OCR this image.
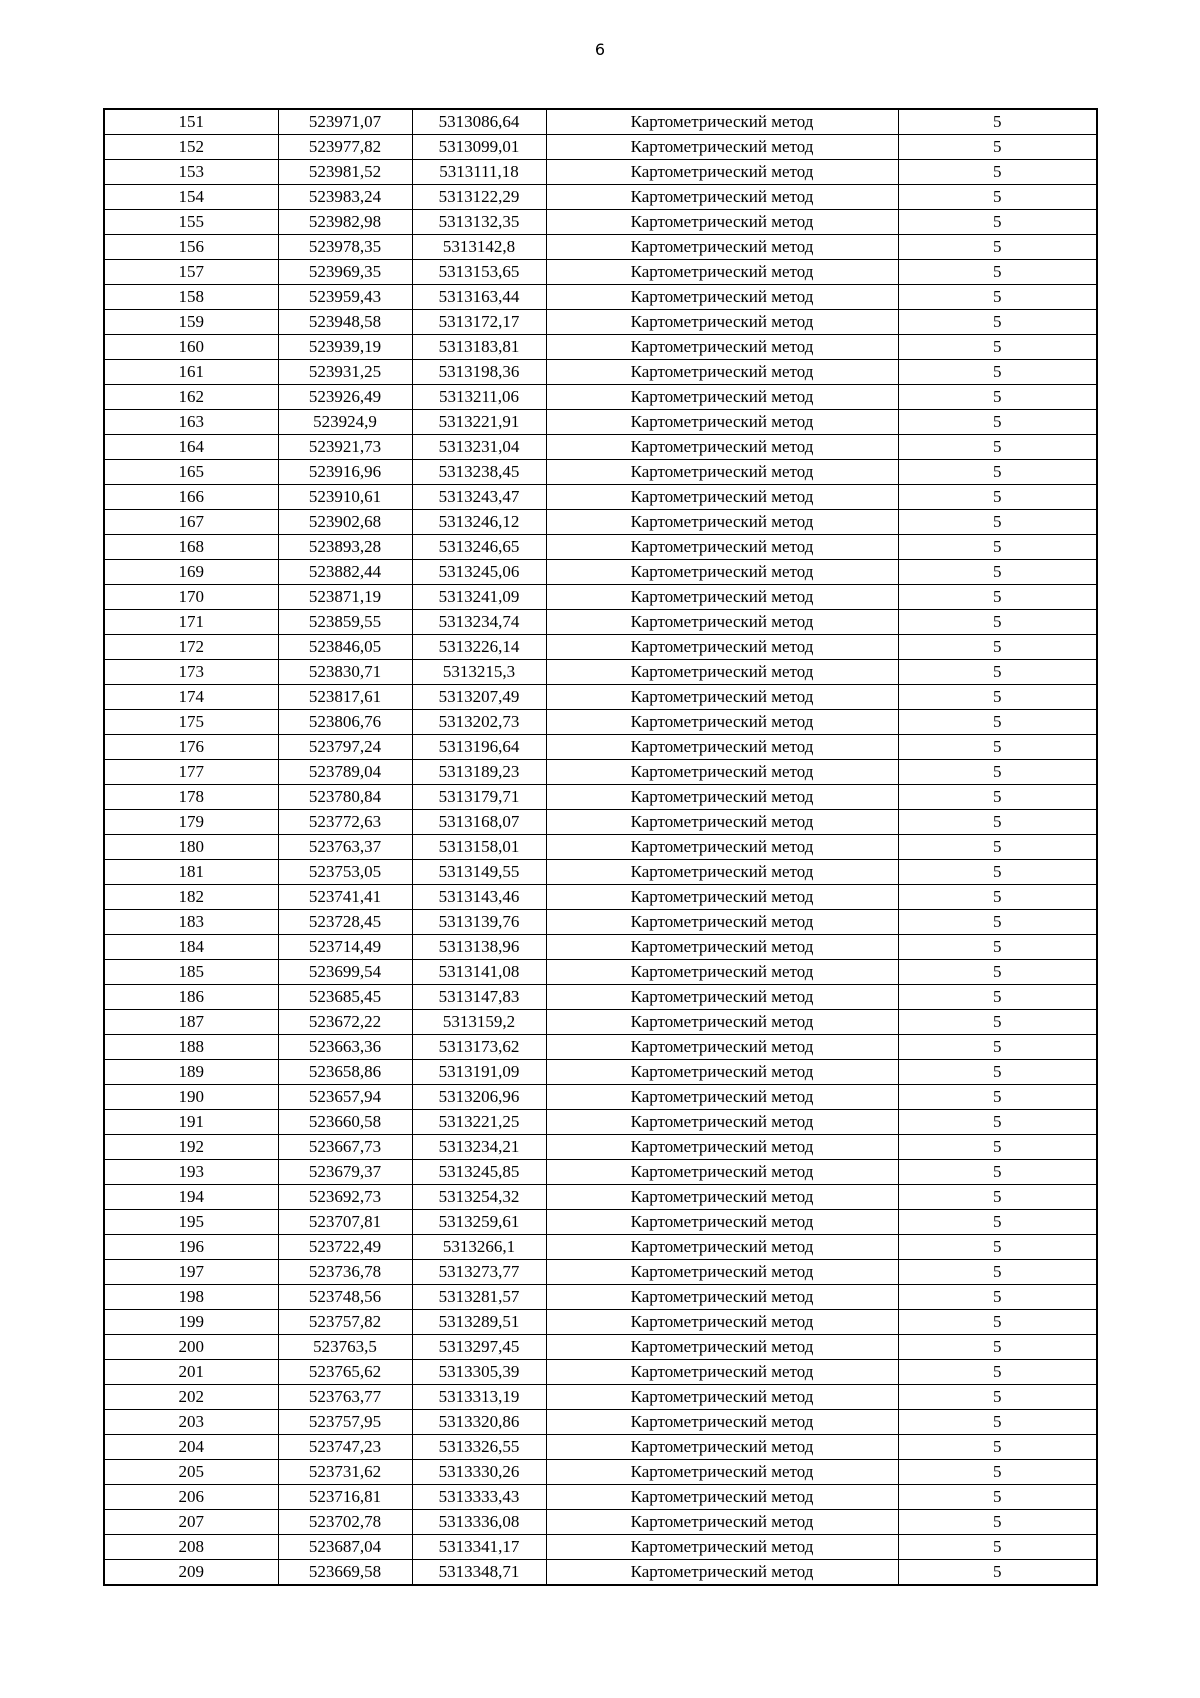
6
151	523971,07	5313086,64	Картометрический метод	5
152	523977,82	5313099,01	Картометрический метод	5
153	523981,52	5313111,18	Картометрический метод	5
154	523983,24	5313122,29	Картометрический метод	5
155	523982,98	5313132,35	Картометрический метод	5
156	523978,35	5313142,8	Картометрический метод	5
157	523969,35	5313153,65	Картометрический метод	5
158	523959,43	5313163,44	Картометрический метод	5
159	523948,58	5313172,17	Картометрический метод	5
160	523939,19	5313183,81	Картометрический метод	5
161	523931,25	5313198,36	Картометрический метод	5
162	523926,49	5313211,06	Картометрический метод	5
163	523924,9	5313221,91	Картометрический метод	5
164	523921,73	5313231,04	Картометрический метод	5
165	523916,96	5313238,45	Картометрический метод	5
166	523910,61	5313243,47	Картометрический метод	5
167	523902,68	5313246,12	Картометрический метод	5
168	523893,28	5313246,65	Картометрический метод	5
169	523882,44	5313245,06	Картометрический метод	5
170	523871,19	5313241,09	Картометрический метод	5
171	523859,55	5313234,74	Картометрический метод	5
172	523846,05	5313226,14	Картометрический метод	5
173	523830,71	5313215,3	Картометрический метод	5
174	523817,61	5313207,49	Картометрический метод	5
175	523806,76	5313202,73	Картометрический метод	5
176	523797,24	5313196,64	Картометрический метод	5
177	523789,04	5313189,23	Картометрический метод	5
178	523780,84	5313179,71	Картометрический метод	5
179	523772,63	5313168,07	Картометрический метод	5
180	523763,37	5313158,01	Картометрический метод	5
181	523753,05	5313149,55	Картометрический метод	5
182	523741,41	5313143,46	Картометрический метод	5
183	523728,45	5313139,76	Картометрический метод	5
184	523714,49	5313138,96	Картометрический метод	5
185	523699,54	5313141,08	Картометрический метод	5
186	523685,45	5313147,83	Картометрический метод	5
187	523672,22	5313159,2	Картометрический метод	5
188	523663,36	5313173,62	Картометрический метод	5
189	523658,86	5313191,09	Картометрический метод	5
190	523657,94	5313206,96	Картометрический метод	5
191	523660,58	5313221,25	Картометрический метод	5
192	523667,73	5313234,21	Картометрический метод	5
193	523679,37	5313245,85	Картометрический метод	5
194	523692,73	5313254,32	Картометрический метод	5
195	523707,81	5313259,61	Картометрический метод	5
196	523722,49	5313266,1	Картометрический метод	5
197	523736,78	5313273,77	Картометрический метод	5
198	523748,56	5313281,57	Картометрический метод	5
199	523757,82	5313289,51	Картометрический метод	5
200	523763,5	5313297,45	Картометрический метод	5
201	523765,62	5313305,39	Картометрический метод	5
202	523763,77	5313313,19	Картометрический метод	5
203	523757,95	5313320,86	Картометрический метод	5
204	523747,23	5313326,55	Картометрический метод	5
205	523731,62	5313330,26	Картометрический метод	5
206	523716,81	5313333,43	Картометрический метод	5
207	523702,78	5313336,08	Картометрический метод	5
208	523687,04	5313341,17	Картометрический метод	5
209	523669,58	5313348,71	Картометрический метод	5
